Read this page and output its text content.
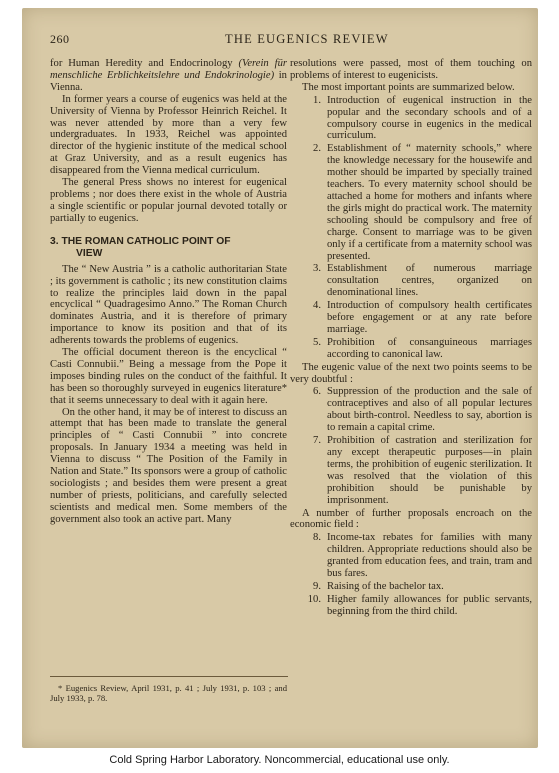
260	THE EUGENICS REVIEW

for Human Heredity and Endocrinology (Verein für menschliche Erblichkeitslehre und Endokrinologie) in Vienna.

In former years a course of eugenics was held at the University of Vienna by Professor Heinrich Reichel. It was never attended by more than a very few undergraduates. In 1933, Reichel was appointed director of the hygienic institute of the medical school at Graz University, and as a result eugenics has disappeared from the Vienna medical curriculum.

The general Press shows no interest for eugenical problems ; nor does there exist in the whole of Austria a single scientific or popular journal devoted totally or partially to eugenics.

3. THE ROMAN CATHOLIC POINT OF
VIEW

The “ New Austria ” is a catholic authoritarian State ; its government is catholic ; its new constitution claims to realize the principles laid down in the papal encyclical “ Quadragesimo Anno.” The Roman Church dominates Austria, and it is therefore of primary importance to know its position and that of its adherents towards the problems of eugenics.

The official document thereon is the encyclical “ Casti Connubii.” Being a message from the Pope it imposes binding rules on the conduct of the faithful. It has been so thoroughly surveyed in eugenics literature* that it seems unnecessary to deal with it again here.

On the other hand, it may be of interest to discuss an attempt that has been made to translate the general principles of “ Casti Connubii ” into concrete proposals. In January 1934 a meeting was held in Vienna to discuss “ The Position of the Family in Nation and State.” Its sponsors were a group of catholic sociologists ; and besides them were present a great number of priests, politicians, and carefully selected scientists and medical men. Some members of the government also took an active part. Many

* Eugenics Review, April 1931, p. 41 ; July 1931, p. 103 ; and July 1933, p. 78.

resolutions were passed, most of them touching on problems of interest to eugenicists.

The most important points are summarized below.

1. Introduction of eugenical instruction in the popular and the secondary schools and of a compulsory course in eugenics in the medical curriculum.
2. Establishment of “ maternity schools,” where the knowledge necessary for the housewife and mother should be imparted by specially trained teachers. To every maternity school should be attached a home for mothers and infants where the girls might do practical work. The maternity schooling should be compulsory and free of charge. Consent to marriage was to be given only if a certificate from a maternity school was presented.
3. Establishment of numerous marriage consultation centres, organized on denominational lines.
4. Introduction of compulsory health certificates before engagement or at any rate before marriage.
5. Prohibition of consanguineous marriages according to canonical law.

The eugenic value of the next two points seems to be very doubtful :

6. Suppression of the production and the sale of contraceptives and also of all popular lectures about birth-control. Needless to say, abortion is to remain a capital crime.
7. Prohibition of castration and sterilization for any except therapeutic purposes—in plain terms, the prohibition of eugenic sterilization. It was resolved that the violation of this prohibition should be punishable by imprisonment.

A number of further proposals encroach on the economic field :

8. Income-tax rebates for families with many children. Appropriate reductions should also be granted from education fees, and train, tram and bus fares.
9. Raising of the bachelor tax.
10. Higher family allowances for public servants, beginning from the third child.
Cold Spring Harbor Laboratory. Noncommercial, educational use only.
